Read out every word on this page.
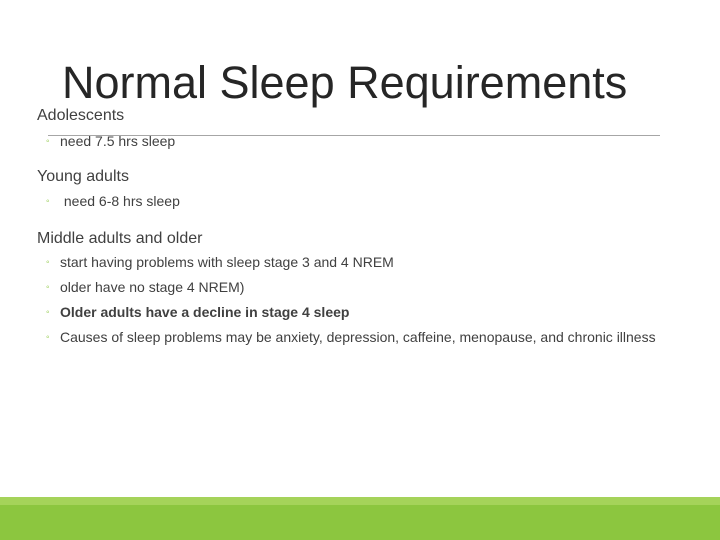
Normal Sleep Requirements
Adolescents
◦ need 7.5 hrs sleep
Young adults
◦ need 6-8 hrs sleep
Middle adults and older
◦ start having problems with sleep stage 3 and 4 NREM
◦ older have no stage 4 NREM)
◦ Older adults have a decline in stage 4 sleep
◦ Causes of sleep problems may be anxiety, depression, caffeine, menopause, and chronic illness
